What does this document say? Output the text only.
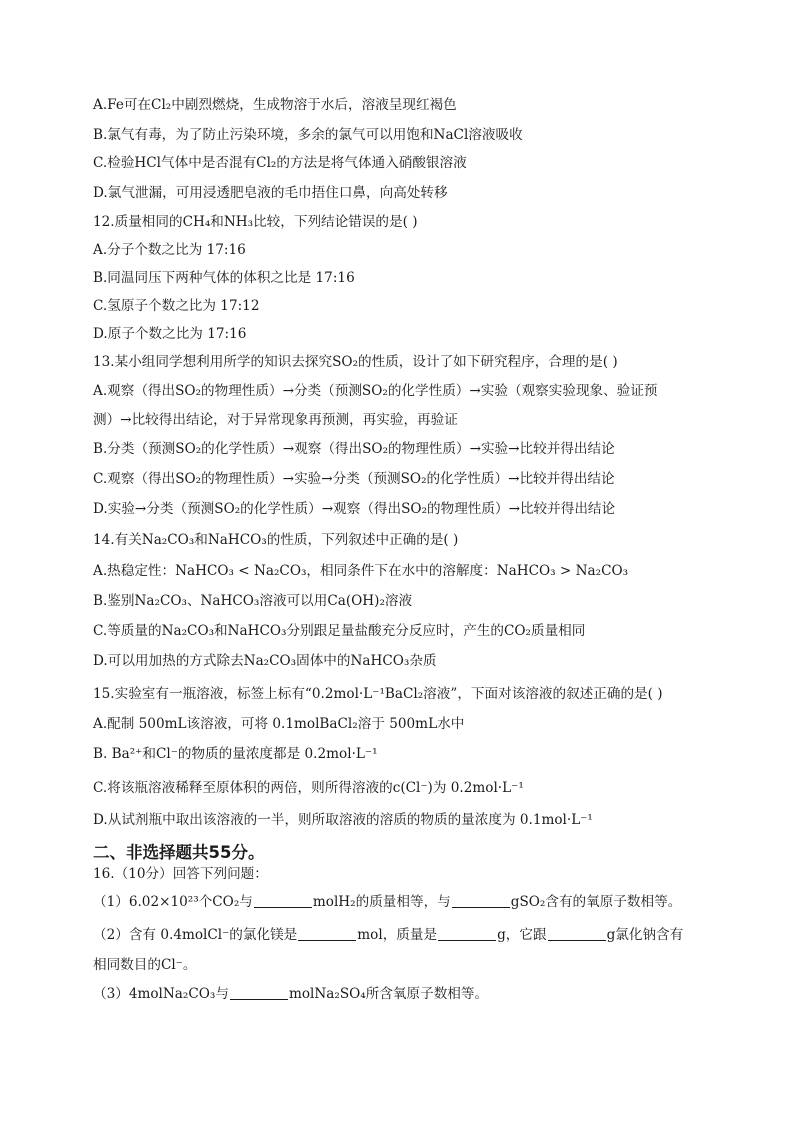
A.Fe可在Cl₂中剧烈燃烧，生成物溶于水后，溶液呈现红褐色
B.氯气有毒，为了防止污染环境，多余的氯气可以用饱和NaCl溶液吸收
C.检验HCl气体中是否混有Cl₂的方法是将气体通入硝酸银溶液
D.氯气泄漏，可用浸透肥皂液的毛巾捂住口鼻，向高处转移
12.质量相同的CH₄和NH₃比较，下列结论错误的是( )
A.分子个数之比为 17:16
B.同温同压下两种气体的体积之比是 17:16
C.氢原子个数之比为 17:12
D.原子个数之比为 17:16
13.某小组同学想利用所学的知识去探究SO₂的性质，设计了如下研究程序，合理的是( )
A.观察（得出SO₂的物理性质）→分类（预测SO₂的化学性质）→实验（观察实验现象、验证预
测）→比较得出结论，对于异常现象再预测，再实验，再验证
B.分类（预测SO₂的化学性质）→观察（得出SO₂的物理性质）→实验→比较并得出结论
C.观察（得出SO₂的物理性质）→实验→分类（预测SO₂的化学性质）→比较并得出结论
D.实验→分类（预测SO₂的化学性质）→观察（得出SO₂的物理性质）→比较并得出结论
14.有关Na₂CO₃和NaHCO₃的性质，下列叙述中正确的是( )
A.热稳定性：NaHCO₃ < Na₂CO₃，相同条件下在水中的溶解度：NaHCO₃ > Na₂CO₃
B.鉴别Na₂CO₃、NaHCO₃溶液可以用Ca(OH)₂溶液
C.等质量的Na₂CO₃和NaHCO₃分别跟足量盐酸充分反应时，产生的CO₂质量相同
D.可以用加热的方式除去Na₂CO₃固体中的NaHCO₃杂质
15.实验室有一瓶溶液，标签上标有“0.2mol·L⁻¹BaCl₂溶液”，下面对该溶液的叙述正确的是( )
A.配制 500mL该溶液，可将 0.1molBaCl₂溶于 500mL水中
B. Ba²⁺和Cl⁻的物质的量浓度都是 0.2mol·L⁻¹
C.将该瓶溶液稀释至原体积的两倍，则所得溶液的c(Cl⁻)为 0.2mol·L⁻¹
D.从试剂瓶中取出该溶液的一半，则所取溶液的溶质的物质的量浓度为 0.1mol·L⁻¹
二、非选择题共55分。
16.（10分）回答下列问题：
（1）6.02×10²³个CO₂与	molH₂的质量相等，与	gSO₂含有的氧原子数相等。
（2）含有 0.4molCl⁻的氯化镁是	mol，质量是	g，它跟	g氯化钠含有
相同数目的Cl⁻。
（3）4molNa₂CO₃与	molNa₂SO₄所含氧原子数相等。
